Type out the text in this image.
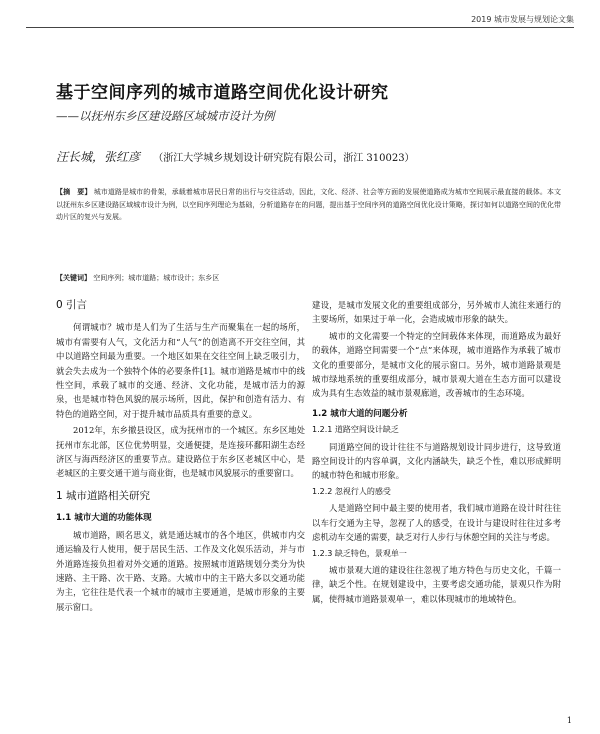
2019 城市发展与规划论文集
基于空间序列的城市道路空间优化设计研究
——以抚州东乡区建设路区域城市设计为例
汪长城，张红彦 （浙江大学城乡规划设计研究院有限公司，浙江 310023）
【摘　要】 城市道路是城市的骨架，承载着城市居民日常的出行与交往活动，因此，文化、经济、社会等方面的发展使道路成为城市空间展示最直接的载体。本文以抚州东乡区建设路区域城市设计为例，以空间序列理论为基础，分析道路存在的问题，提出基于空间序列的道路空间优化设计策略，探讨如何以道路空间的优化带动片区的复兴与发展。
【关键词】 空间序列；城市道路；城市设计；东乡区
0 引言

何谓城市？城市是人们为了生活与生产而聚集在一起的场所，城市有需要有人气，文化活力和“人气”的创造离不开交往空间，其中以道路空间最为重要。一个地区如果在交往空间上缺乏吸引力，就会失去成为一个独特个体的必要条件[1]。城市道路是城市中的线性空间，承载了城市的交通、经济、文化功能，是城市活力的源泉，也是城市特色风貌的展示场所，因此，保护和创造有活力、有特色的道路空间，对于提升城市品质具有重要的意义。

2012年，东乡撤县设区，成为抚州市的一个城区。东乡区地处抚州市东北部，区位优势明显，交通便捷，是连接环鄱阳湖生态经济区与海西经济区的重要节点。建设路位于东乡区老城区中心，是老城区的主要交通干道与商业街，也是城市风貌展示的重要窗口。

1 城市道路相关研究
1.1 城市大道的功能体现

城市道路，顾名思义，就是通达城市的各个地区，供城市内交通运输及行人使用，便于居民生活、工作及文化娱乐活动，并与市外道路连接负担着对外交通的道路。按照城市道路规划分类分为快速路、主干路、次干路、支路。大城市中的主干路大多以交通功能为主，它往往是代表一个城市的城市主要通道，是城市形象的主要展示窗口。

建设，是城市发展文化的重要组成部分，另外城市人流往来通行的主要场所，如果过于单一化，会造成城市形象的缺失。

城市的文化需要一个特定的空间载体来体现，而道路成为最好的载体，道路空间需要一个“点”来体现，城市道路作为承载了城市文化的重要部分，是城市文化的展示窗口。另外，城市道路景观是城市绿地系统的重要组成部分，城市景观大道在生态方面可以建设成为具有生态效益的城市景观廊道，改善城市的生态环境。

1.2 城市大道的问题分析
1.2.1 道路空间设计缺乏

同道路空间的设计往往不与道路规划设计同步进行，这导致道路空间设计的内容单调，文化内涵缺失，缺乏个性，难以形成鲜明的城市特色和城市形象。

1.2.2 忽视行人的感受

人是道路空间中最主要的使用者，我们城市道路在设计时往往以车行交通为主导，忽视了人的感受，在设计与建设时往往过多考虑机动车交通的需要，缺乏对行人步行与休憩空间的关注与考虑。

1.2.3 缺乏特色，景观单一

城市景观大道的建设往往忽视了地方特色与历史文化，千篇一律，缺乏个性。在规划建设中，主要考虑交通功能，景观只作为附属，使得城市道路景观单一，难以体现城市的地域特色。

1
